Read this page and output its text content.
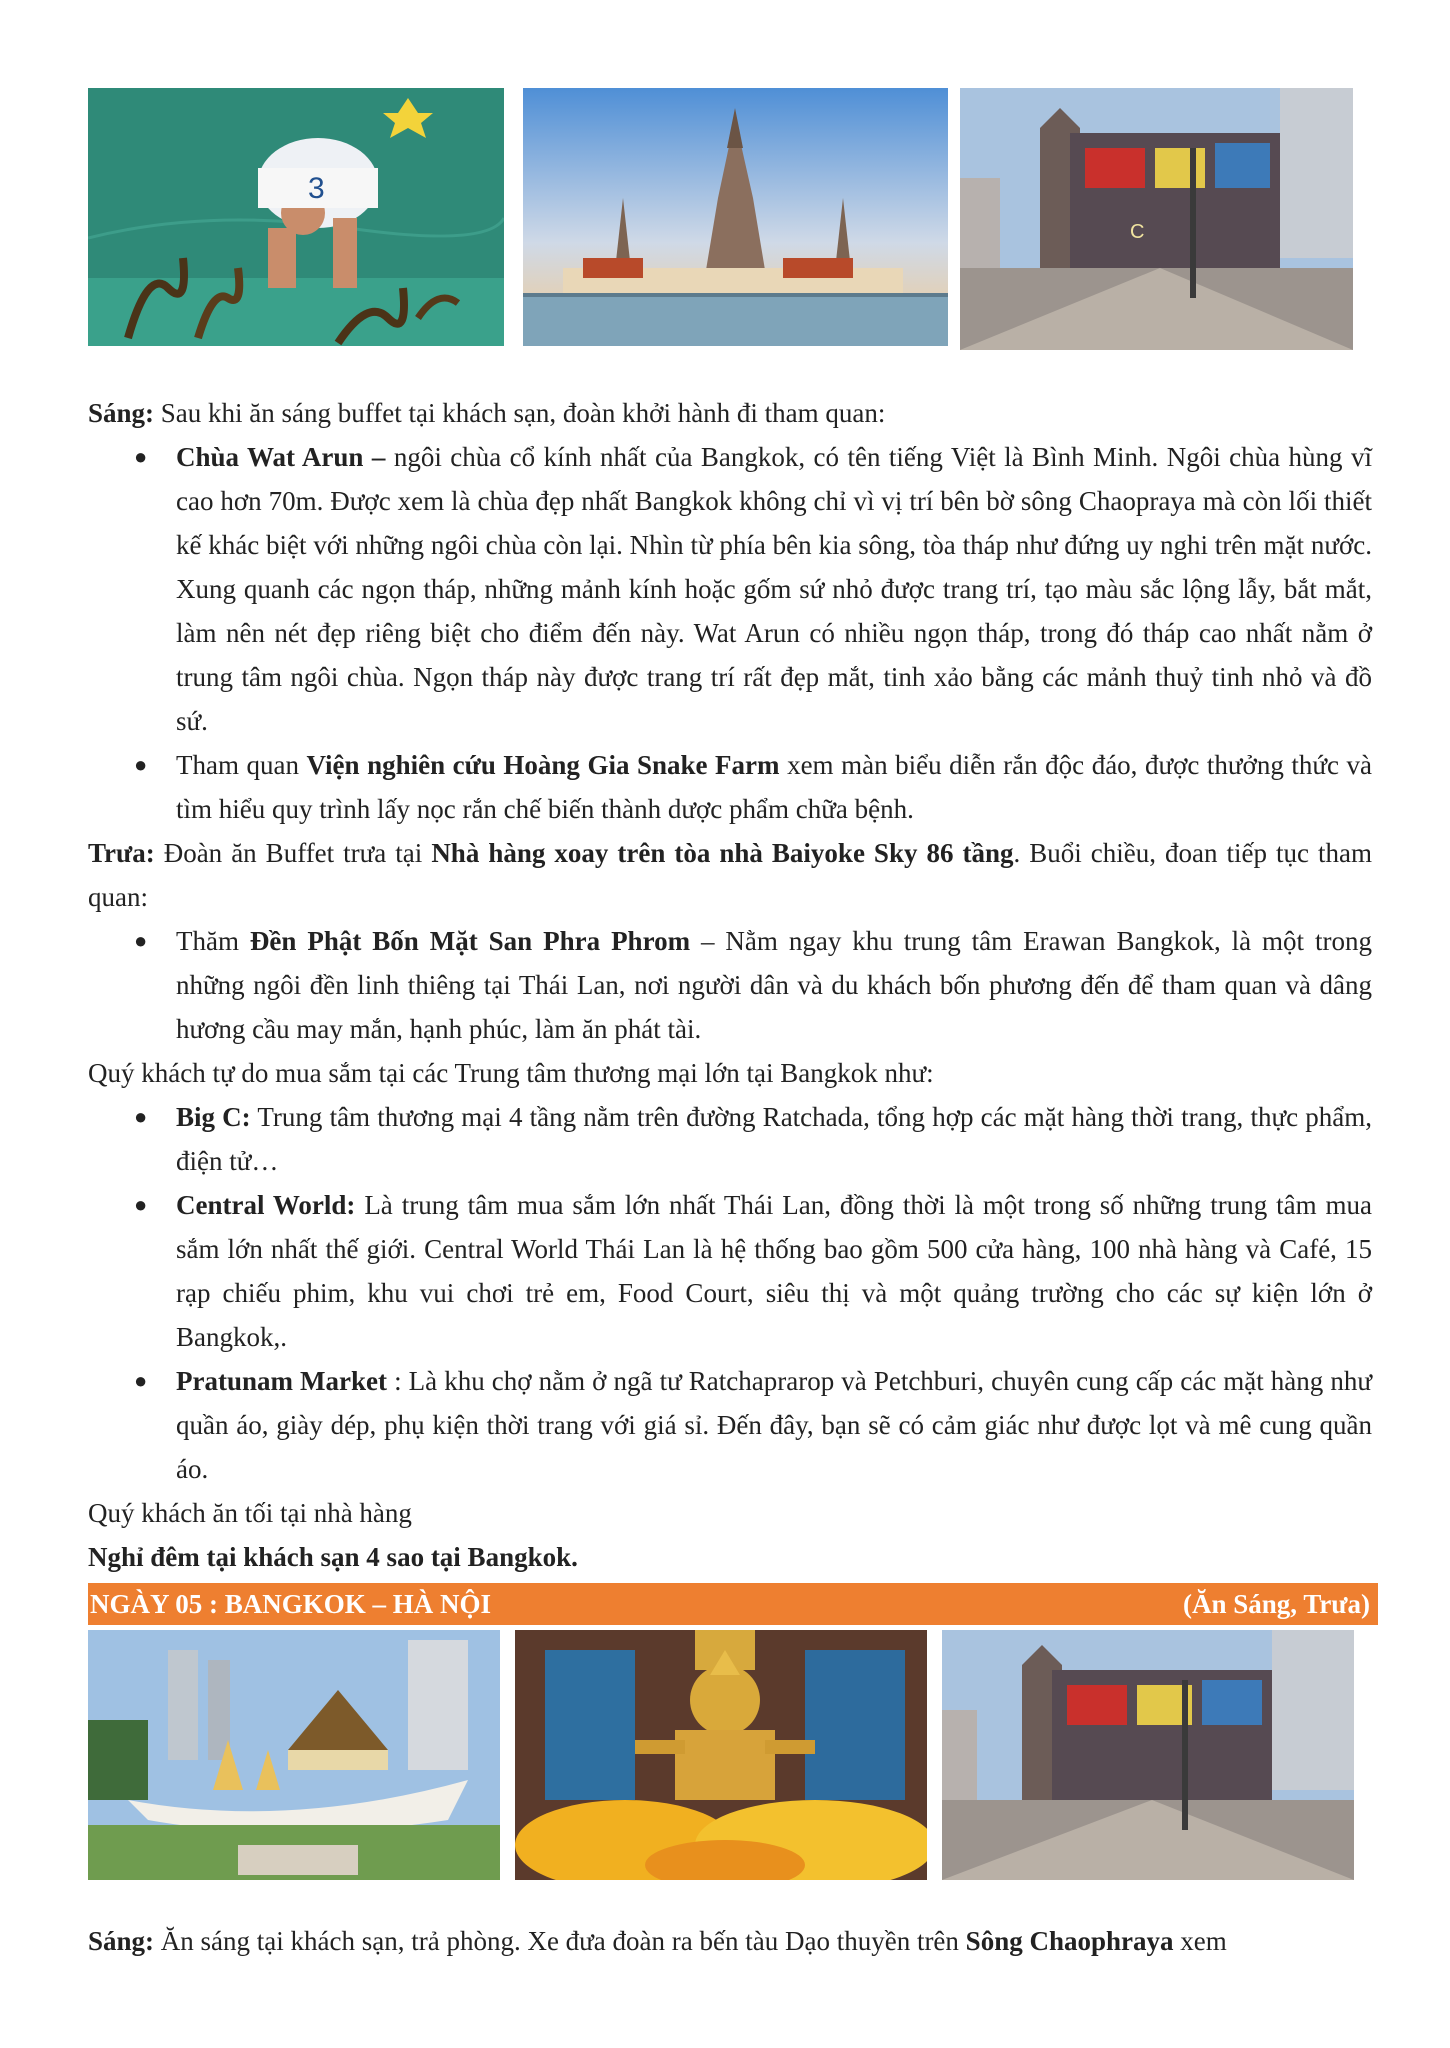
3
C

Sáng: Sau khi ăn sáng buffet tại khách sạn, đoàn khởi hành đi tham quan:

● Chùa Wat Arun – ngôi chùa cổ kính nhất của Bangkok, có tên tiếng Việt là Bình Minh. Ngôi chùa hùng vĩ cao hơn 70m. Được xem là chùa đẹp nhất Bangkok không chỉ vì vị trí bên bờ sông Chaopraya mà còn lối thiết kế khác biệt với những ngôi chùa còn lại. Nhìn từ phía bên kia sông, tòa tháp như đứng uy nghi trên mặt nước. Xung quanh các ngọn tháp, những mảnh kính hoặc gốm sứ nhỏ được trang trí, tạo màu sắc lộng lẫy, bắt mắt, làm nên nét đẹp riêng biệt cho điểm đến này. Wat Arun có nhiều ngọn tháp, trong đó tháp cao nhất nằm ở trung tâm ngôi chùa. Ngọn tháp này được trang trí rất đẹp mắt, tinh xảo bằng các mảnh thuỷ tinh nhỏ và đồ sứ.
● Tham quan Viện nghiên cứu Hoàng Gia Snake Farm xem màn biểu diễn rắn độc đáo, được thưởng thức và tìm hiểu quy trình lấy nọc rắn chế biến thành dược phẩm chữa bệnh.

Trưa: Đoàn ăn Buffet trưa tại Nhà hàng xoay trên tòa nhà Baiyoke Sky 86 tầng. Buổi chiều, đoan tiếp tục tham quan:

● Thăm Đền Phật Bốn Mặt San Phra Phrom – Nằm ngay khu trung tâm Erawan Bangkok, là một trong những ngôi đền linh thiêng tại Thái Lan, nơi người dân và du khách bốn phương đến để tham quan và dâng hương cầu may mắn, hạnh phúc, làm ăn phát tài.

Quý khách tự do mua sắm tại các Trung tâm thương mại lớn tại Bangkok như:

● Big C: Trung tâm thương mại 4 tầng nằm trên đường Ratchada, tổng hợp các mặt hàng thời trang, thực phẩm, điện tử…
● Central World: Là trung tâm mua sắm lớn nhất Thái Lan, đồng thời là một trong số những trung tâm mua sắm lớn nhất thế giới. Central World Thái Lan là hệ thống bao gồm 500 cửa hàng, 100 nhà hàng và Café, 15 rạp chiếu phim, khu vui chơi trẻ em, Food Court, siêu thị và một quảng trường cho các sự kiện lớn ở Bangkok,.
● Pratunam Market : Là khu chợ nằm ở ngã tư Ratchaprarop và Petchburi, chuyên cung cấp các mặt hàng như quần áo, giày dép, phụ kiện thời trang với giá sỉ. Đến đây, bạn sẽ có cảm giác như được lọt và mê cung quần áo.

Quý khách ăn tối tại nhà hàng

Nghỉ đêm tại khách sạn 4 sao tại Bangkok.

NGÀY 05 : BANGKOK – HÀ NỘI	(Ăn Sáng, Trưa)

Sáng: Ăn sáng tại khách sạn, trả phòng. Xe đưa đoàn ra bến tàu Dạo thuyền trên Sông Chaophraya xem
